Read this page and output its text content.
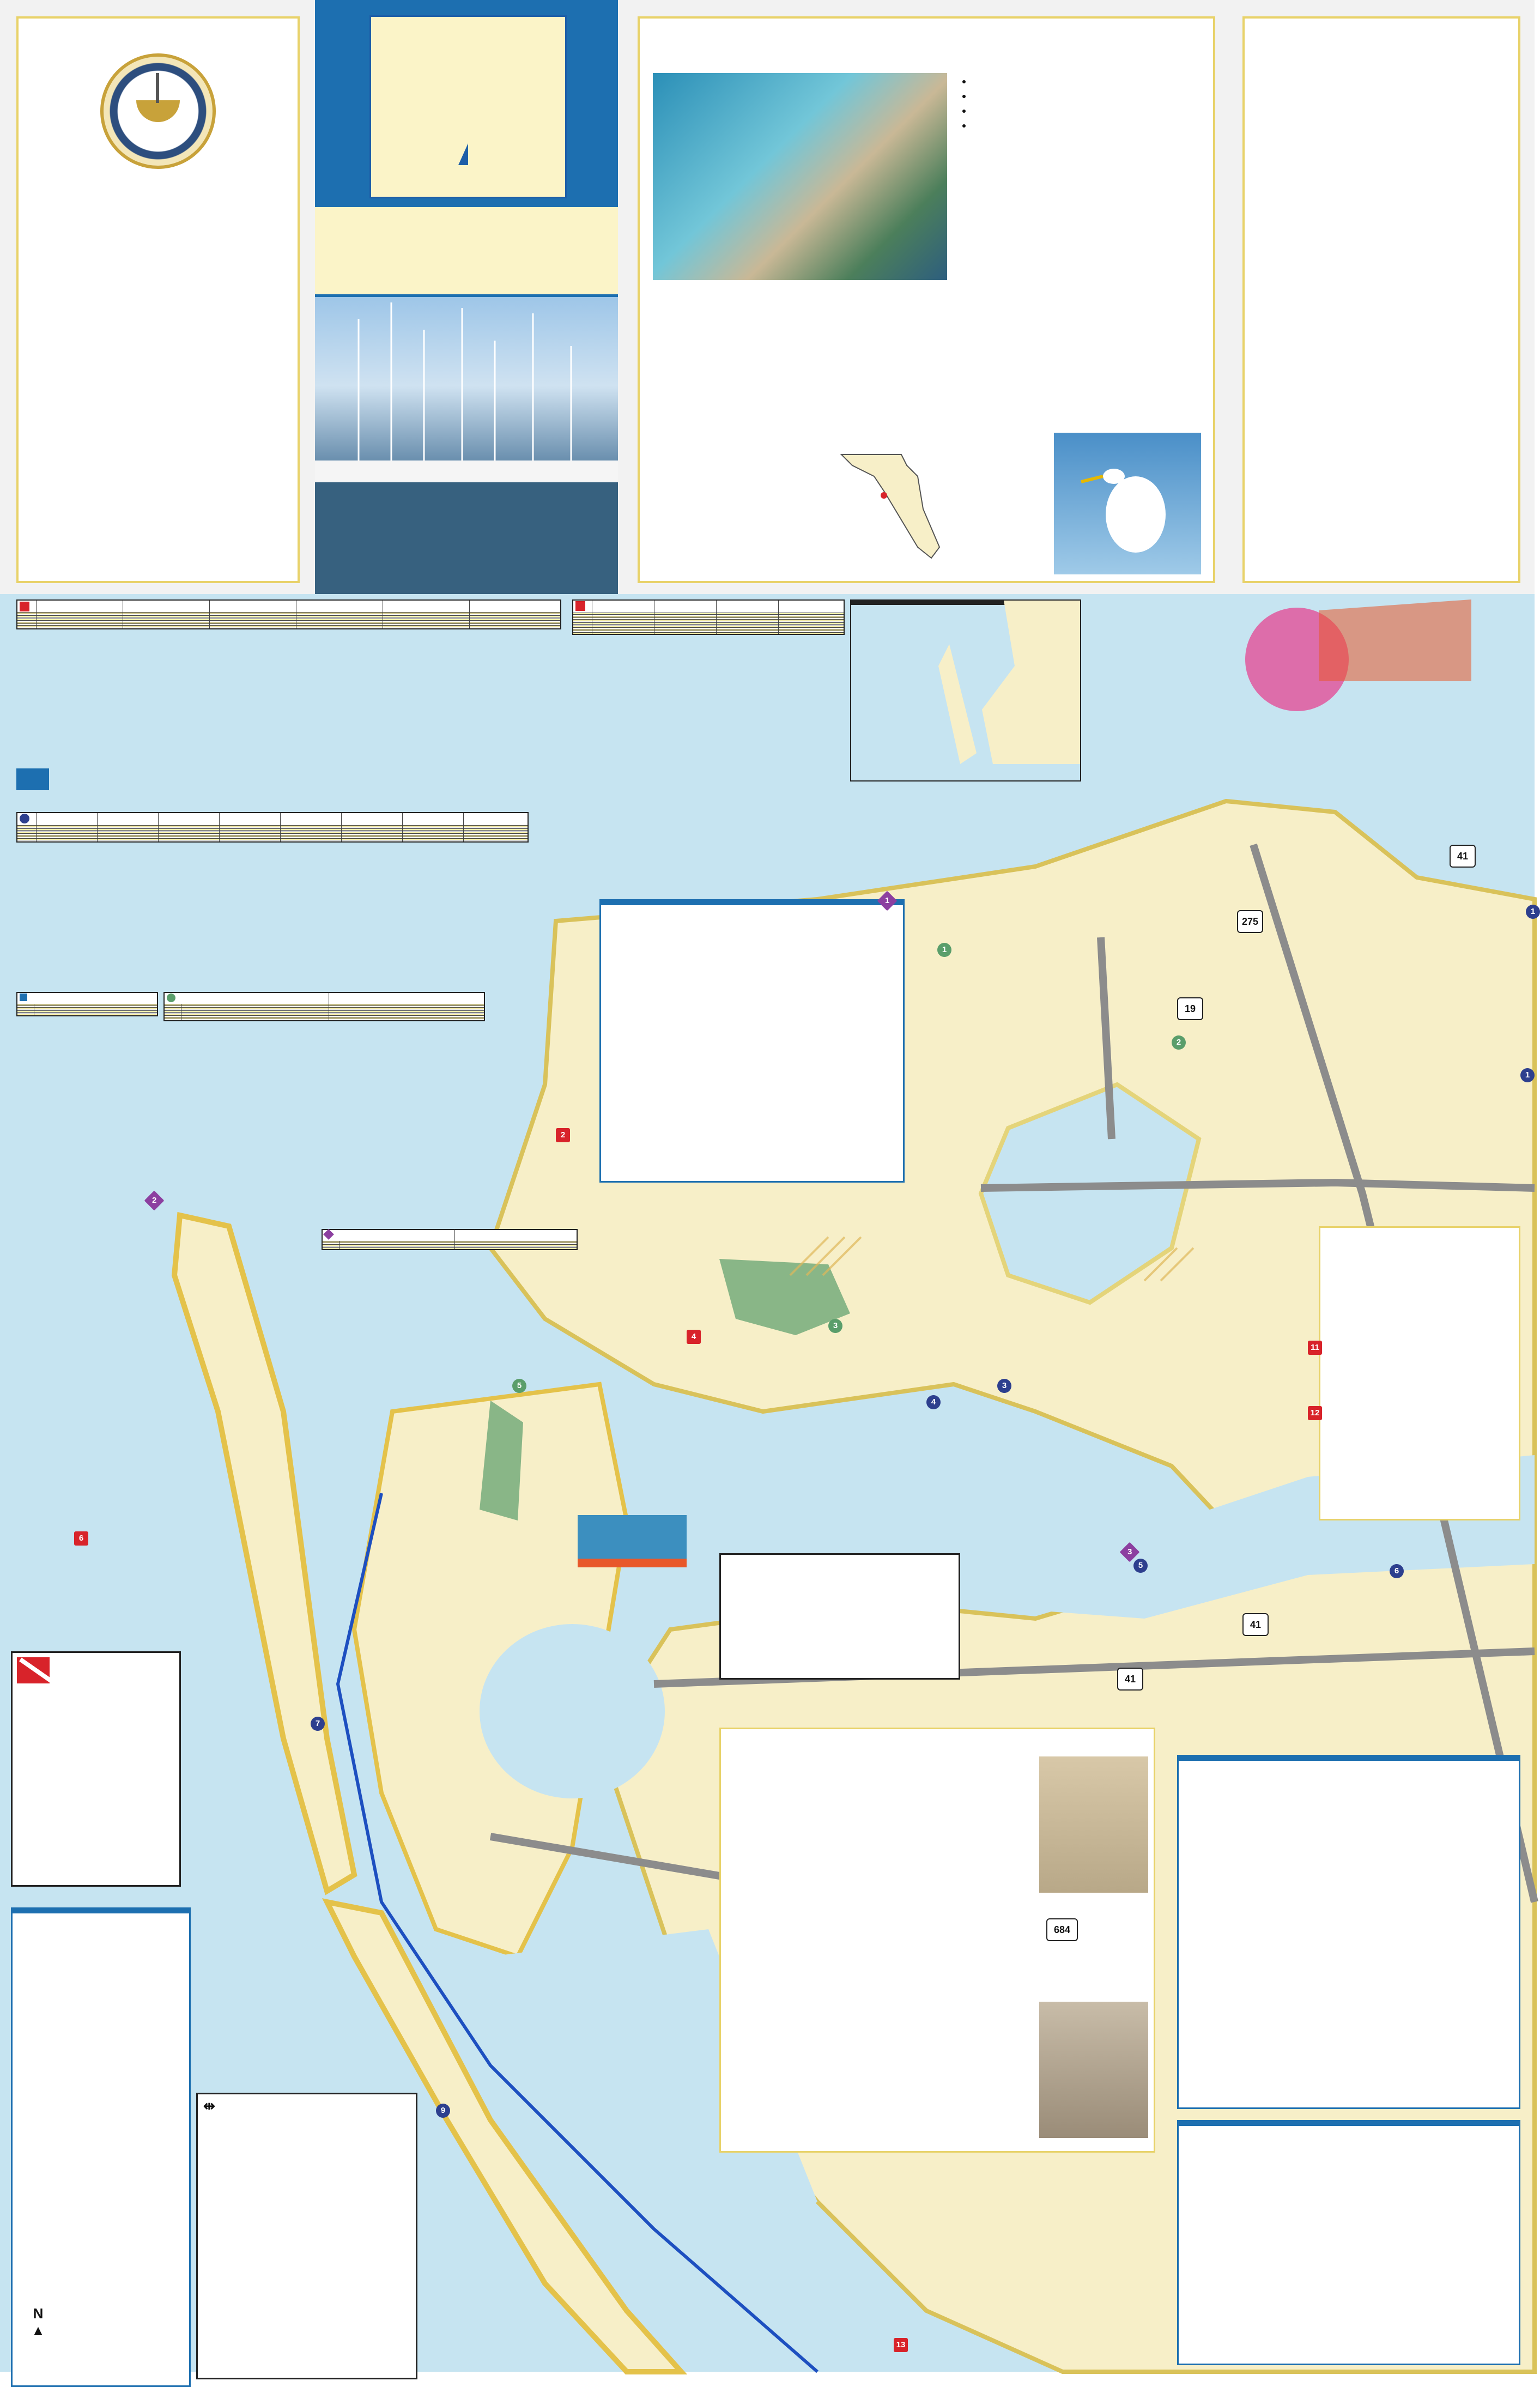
•
•
•
•

⇹
1
1
3
4
5
6
7
9
11
12
13
4
2
6
3
5
1
2
1
2
3
41
41
41
19
275
684
N
▲
